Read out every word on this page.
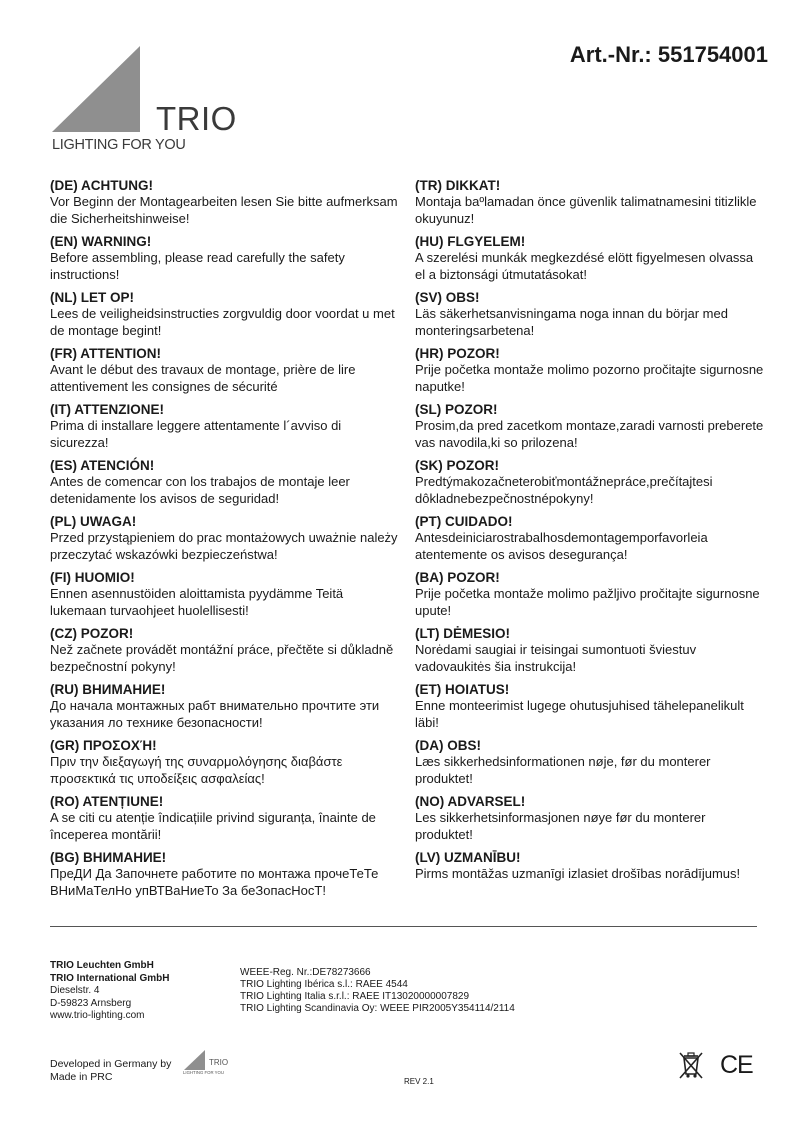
Art.-Nr.: 551754001
TRIO
LIGHTING FOR YOU
(DE) ACHTUNG!
Vor Beginn der Montagearbeiten lesen Sie bitte aufmerksam die Sicherheitshinweise!
(EN) WARNING!
Before assembling, please read carefully the safety instructions!
(NL) LET OP!
Lees de veiligheidsinstructies zorgvuldig door voordat u met de montage begint!
(FR) ATTENTION!
Avant le début des travaux de montage, prière de lire attentivement les consignes de sécurité
(IT) ATTENZIONE!
Prima di installare leggere attentamente l´avviso di sicurezza!
(ES) ATENCIÓN!
Antes de comencar con los trabajos de montaje leer detenidamente los avisos de seguridad!
(PL) UWAGA!
Przed przystąpieniem do prac montażowych uważnie należy przeczytać wskazówki bezpieczeństwa!
(FI) HUOMIO!
Ennen asennustöiden aloittamista pyydämme Teitä lukemaan turvaohjeet huolellisesti!
(CZ) POZOR!
Než začnete provádět montážní práce, přečtěte si důkladně bezpečnostní pokyny!
(RU) ВНИМАНИЕ!
До начала монтажных рабт внимательно прочтите эти указания ло технике безопасности!
(GR) ΠΡΟΣΟΧΉ!
Πριν την διεξαγωγή της συναρμολόγησης διαβάστε προσεκτικά τις υποδείξεις ασφαλείας!
(RO) ATENȚIUNE!
A se citi cu atenție îndicațiile privind siguranța, înainte de începerea montării!
(BG) ВНИМАНИЕ!
ПреДИ Да Започнете работите по монтажа прочеТеТе ВНиМаТелНо упВТВаНиеТо За беЗопасНосТ!
(TR) DIKKAT!
Montaja baºlamadan önce güvenlik talimatnamesini titizlikle okuyunuz!
(HU) FLGYELEM!
A szerelési munkák megkezdésé elött figyelmesen olvassa el a biztonsági útmutatásokat!
(SV) OBS!
Läs säkerhetsanvisningama noga innan du börjar med monteringsarbetena!
(HR) POZOR!
Prije početka montaže molimo pozorno pročitajte sigurnosne naputke!
(SL) POZOR!
Prosim,da pred zacetkom montaze,zaradi varnosti preberete vas navodila,ki so prilozena!
(SK) POZOR!
Predtýmakozačneterobiťmontážnepráce,prečítajtesi dôkladnebezpečnostnépokyny!
(PT) CUIDADO!
Antesdeiniciarostrabalhosdemontagemporfavorleia atentemente os avisos desegurança!
(BA) POZOR!
Prije početka montaže molimo pažljivo pročitajte sigurnosne upute!
(LT) DĖMESIO!
Norėdami saugiai ir teisingai sumontuoti šviestuv vadovaukitės šia instrukcija!
(ET) HOIATUS!
Enne monteerimist lugege ohutusjuhised tähelepanelikult läbi!
(DA) OBS!
Læs sikkerhedsinformationen nøje, før du monterer produktet!
(NO) ADVARSEL!
Les sikkerhetsinformasjonen nøye før du monterer produktet!
(LV) UZMANĪBU!
Pirms montāžas uzmanīgi izlasiet drošības norādījumus!
TRIO Leuchten GmbH
TRIO International GmbH
Dieselstr. 4
D-59823 Arnsberg
www.trio-lighting.com
WEEE-Reg. Nr.:DE78273666
TRIO Lighting Ibérica s.l.: RAEE 4544
TRIO Lighting Italia s.r.l.: RAEE IT13020000007829
TRIO Lighting Scandinavia Oy: WEEE PIR2005Y354114/2114
Developed in Germany by
Made in PRC
TRIO
LIGHTING FOR YOU
REV 2.1
CE
